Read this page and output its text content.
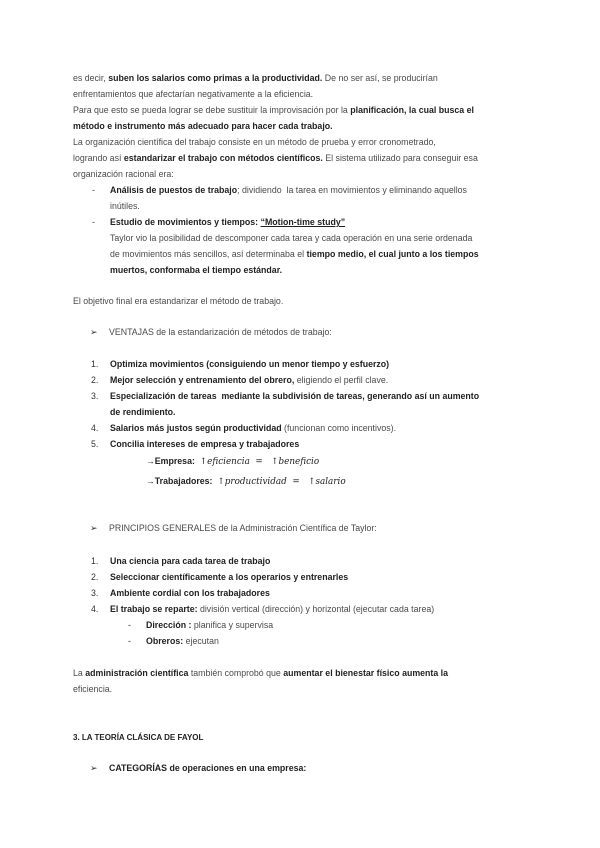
es decir, suben los salarios como primas a la productividad. De no ser así, se producirían
enfrentamientos que afectarían negativamente a la eficiencia.
Para que esto se pueda lograr se debe sustituir la improvisación por la planificación, la cual busca el
método e instrumento más adecuado para hacer cada trabajo.
La organización científica del trabajo consiste en un método de prueba y error cronometrado,
logrando así estandarizar el trabajo con métodos científicos. El sistema utilizado para conseguir esa
organización racional era:
- Análisis de puestos de trabajo; dividiendo  la tarea en movimientos y eliminando aquellos
inútiles.
- Estudio de movimientos y tiempos: “Motion-time study”
Taylor vio la posibilidad de descomponer cada tarea y cada operación en una serie ordenada
de movimientos más sencillos, así determinaba el tiempo medio, el cual junto a los tiempos
muertos, conformaba el tiempo estándar.
El objetivo final era estandarizar el método de trabajo.
➢ VENTAJAS de la estandarización de métodos de trabajo:
1. Optimiza movimientos (consiguiendo un menor tiempo y esfuerzo)
2. Mejor selección y entrenamiento del obrero, eligiendo el perfil clave.
3. Especialización de tareas  mediante la subdivisión de tareas, generando así un aumento
de rendimiento.
4. Salarios más justos según productividad (funcionan como incentivos).
5. Concilia intereses de empresa y trabajadores
→Empresa:  ↑eficiencia  =   ↑beneficio
→Trabajadores:  ↑productividad  =   ↑salario
➢ PRINCIPIOS GENERALES de la Administración Científica de Taylor:
1. Una ciencia para cada tarea de trabajo
2. Seleccionar científicamente a los operarios y entrenarles
3. Ambiente cordial con los trabajadores
4. El trabajo se reparte: división vertical (dirección) y horizontal (ejecutar cada tarea)
- Dirección : planifica y supervisa
- Obreros: ejecutan
La administración científica también comprobó que aumentar el bienestar físico aumenta la
eficiencia.
3. LA TEORÍA CLÁSICA DE FAYOL
➢ CATEGORÍAS de operaciones en una empresa:
